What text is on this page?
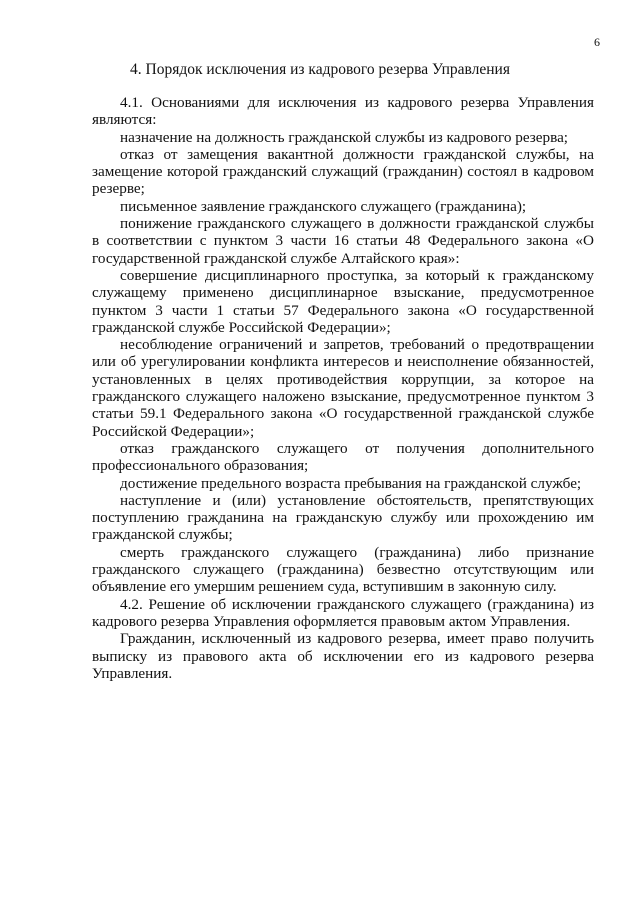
6
4. Порядок исключения из кадрового резерва Управления

4.1. Основаниями для исключения из кадрового резерва Управления являются:

назначение на должность гражданской службы из кадрового резерва;

отказ от замещения вакантной должности гражданской службы, на замещение которой гражданский служащий (гражданин) состоял в кадровом резерве;

письменное заявление гражданского служащего (гражданина);

понижение гражданского служащего в должности гражданской службы в соответствии с пунктом 3 части 16 статьи 48 Федерального закона «О государственной гражданской службе Алтайского края»:

совершение дисциплинарного проступка, за который к гражданскому служащему применено дисциплинарное взыскание, предусмотренное пунктом 3 части 1 статьи 57 Федерального закона «О государственной гражданской службе Российской Федерации»;

несоблюдение ограничений и запретов, требований о предотвращении или об урегулировании конфликта интересов и неисполнение обязанностей, установленных в целях противодействия коррупции, за которое на гражданского служащего наложено взыскание, предусмотренное пунктом 3 статьи 59.1 Федерального закона «О государственной гражданской службе Российской Федерации»;

отказ гражданского служащего от получения дополнительного профессионального образования;

достижение предельного возраста пребывания на гражданской службе;

наступление и (или) установление обстоятельств, препятствующих поступлению гражданина на гражданскую службу или прохождению им гражданской службы;

смерть гражданского служащего (гражданина) либо признание гражданского служащего (гражданина) безвестно отсутствующим или объявление его умершим решением суда, вступившим в законную силу.

4.2. Решение об исключении гражданского служащего (гражданина) из кадрового резерва Управления оформляется правовым актом Управления.

Гражданин, исключенный из кадрового резерва, имеет право получить выписку из правового акта об исключении его из кадрового резерва Управления.
